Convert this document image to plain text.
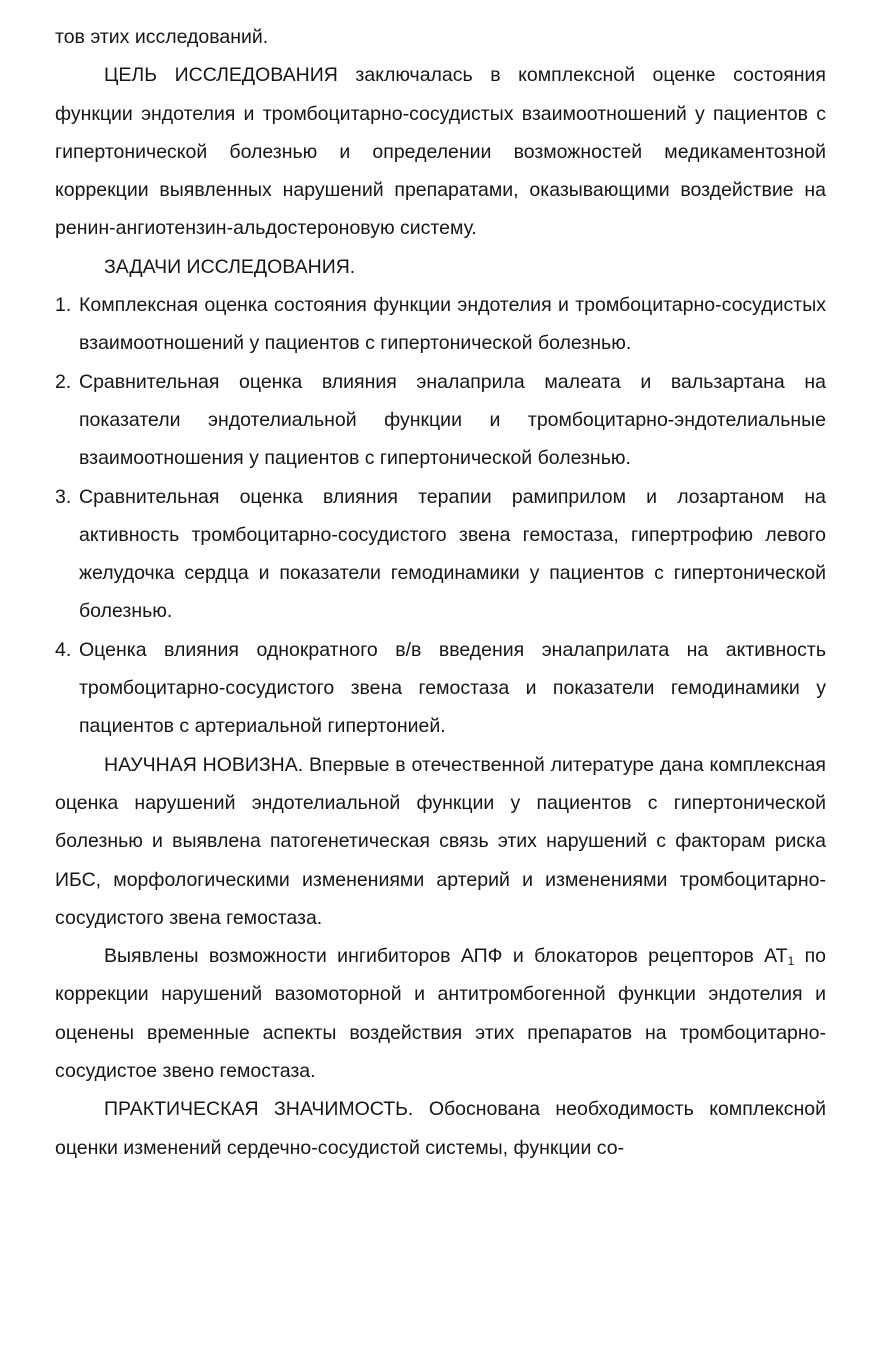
тов этих исследований.

ЦЕЛЬ ИССЛЕДОВАНИЯ заключалась в комплексной оценке состояния функции эндотелия и тромбоцитарно-сосудистых взаимоотношений у пациентов с гипертонической болезнью и определении возможностей медикаментозной коррекции выявленных нарушений препаратами, оказывающими воздействие на ренин-ангиотензин-альдостероновую систему.

ЗАДАЧИ ИССЛЕДОВАНИЯ.

1. Комплексная оценка состояния функции эндотелия и тромбоцитарно-сосудистых взаимоотношений у пациентов с гипертонической болезнью.

2. Сравнительная оценка влияния эналаприла малеата и вальзартана на показатели эндотелиальной функции и тромбоцитарно-эндотелиальные взаимоотношения у пациентов с гипертонической болезнью.

3. Сравнительная оценка влияния терапии рамиприлом и лозартаном на активность тромбоцитарно-сосудистого звена гемостаза, гипертрофию левого желудочка сердца и показатели гемодинамики у пациентов с гипертонической болезнью.

4. Оценка влияния однократного в/в введения эналаприлата на активность тромбоцитарно-сосудистого звена гемостаза и показатели гемодинамики у пациентов с артериальной гипертонией.

НАУЧНАЯ НОВИЗНА. Впервые в отечественной литературе дана комплексная оценка нарушений эндотелиальной функции у пациентов с гипертонической болезнью и выявлена патогенетическая связь этих нарушений с факторам риска ИБС, морфологическими изменениями артерий и изменениями тромбоцитарно-сосудистого звена гемостаза.

Выявлены возможности ингибиторов АПФ и блокаторов рецепторов $АТ_1$ по коррекции нарушений вазомоторной и антитромбогенной функции эндотелия и оценены временные аспекты воздействия этих препаратов на тромбоцитарно-сосудистое звено гемостаза.

ПРАКТИЧЕСКАЯ ЗНАЧИМОСТЬ. Обоснована необходимость комплексной оценки изменений сердечно-сосудистой системы, функции со-
